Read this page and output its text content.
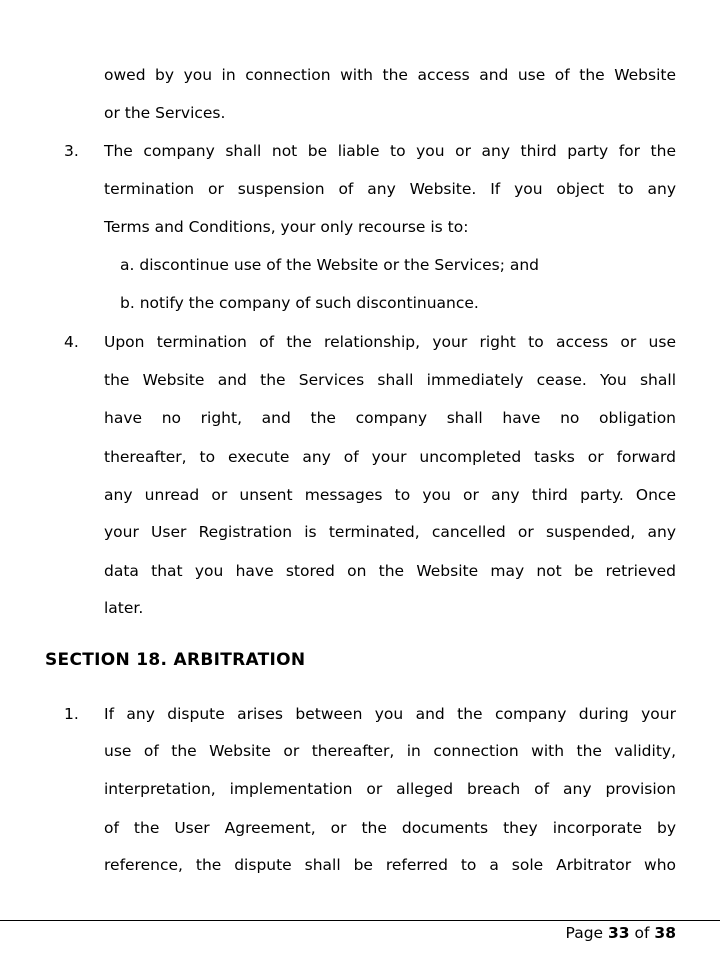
owed by you in connection with the access and use of the Website
or the Services.
3. The company shall not be liable to you or any third party for the
termination or suspension of any Website. If you object to any
Terms and Conditions, your only recourse is to:
a. discontinue use of the Website or the Services; and
b. notify the company of such discontinuance.
4. Upon termination of the relationship, your right to access or use
the Website and the Services shall immediately cease. You shall
have no right, and the company shall have no obligation
thereafter, to execute any of your uncompleted tasks or forward
any unread or unsent messages to you or any third party. Once
your User Registration is terminated, cancelled or suspended, any
data that you have stored on the Website may not be retrieved
later.
SECTION 18. ARBITRATION
1. If any dispute arises between you and the company during your
use of the Website or thereafter, in connection with the validity,
interpretation, implementation or alleged breach of any provision
of the User Agreement, or the documents they incorporate by
reference, the dispute shall be referred to a sole Arbitrator who
Page 33 of 38
